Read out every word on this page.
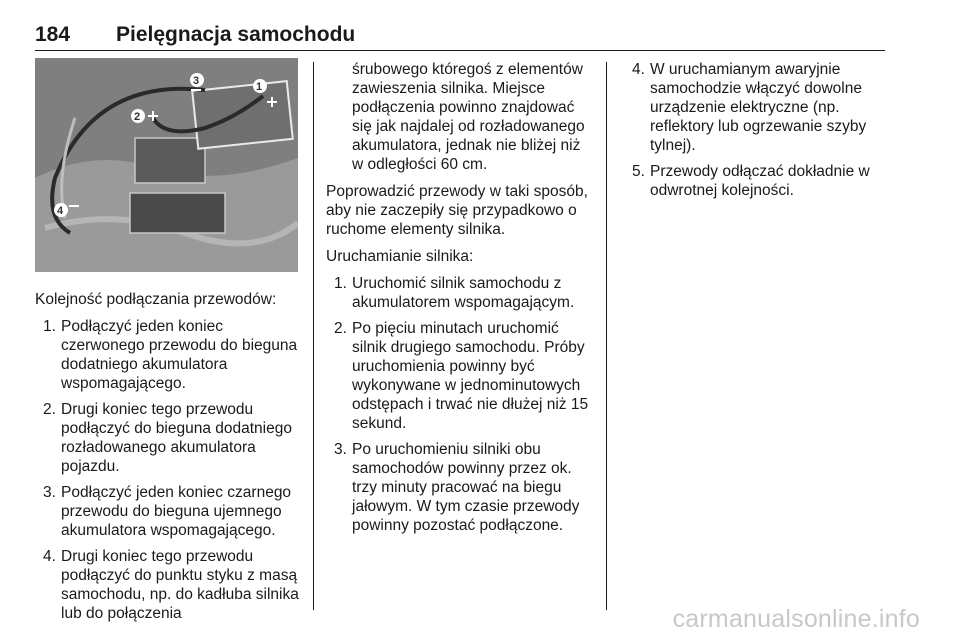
184 Pielęgnacja samochodu
1
2
3
4

Kolejność podłączania przewodów:

1. Podłączyć jeden koniec czerwonego przewodu do bieguna dodatniego akumulatora wspomagającego.
2. Drugi koniec tego przewodu podłączyć do bieguna dodatniego rozładowanego akumulatora pojazdu.
3. Podłączyć jeden koniec czarnego przewodu do bieguna ujemnego akumulatora wspomagającego.
4. Drugi koniec tego przewodu podłączyć do punktu styku z masą samochodu, np. do kadłuba silnika lub do połączenia
śrubowego któregoś z elementów zawieszenia silnika. Miejsce podłączenia powinno znajdować się jak najdalej od rozładowanego akumulatora, jednak nie bliżej niż w odległości 60 cm.

Poprowadzić przewody w taki sposób, aby nie zaczepiły się przypadkowo o ruchome elementy silnika.

Uruchamianie silnika:

1. Uruchomić silnik samochodu z akumulatorem wspomagającym.
2. Po pięciu minutach uruchomić silnik drugiego samochodu. Próby uruchomienia powinny być wykonywane w jednominutowych odstępach i trwać nie dłużej niż 15 sekund.
3. Po uruchomieniu silniki obu samochodów powinny przez ok. trzy minuty pracować na biegu jałowym. W tym czasie przewody powinny pozostać podłączone.
4. W uruchamianym awaryjnie samochodzie włączyć dowolne urządzenie elektryczne (np. reflektory lub ogrzewanie szyby tylnej).
5. Przewody odłączać dokładnie w odwrotnej kolejności.
carmanualsonline.info
